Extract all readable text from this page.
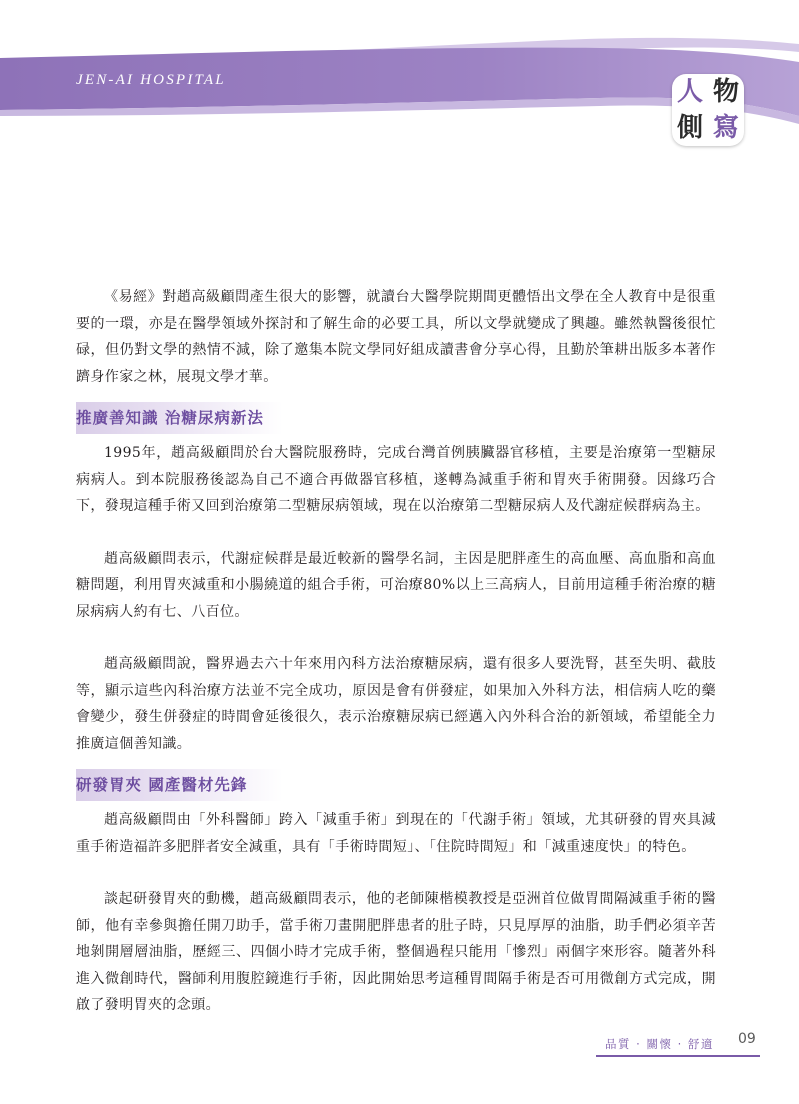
JEN-AI HOSPITAL	人 物
側 寫

《易經》對趙高級顧問產生很大的影響，就讀台大醫學院期間更體悟出文學在全人教育中是很重要的一環，亦是在醫學領域外探討和了解生命的必要工具，所以文學就變成了興趣。雖然執醫後很忙碌，但仍對文學的熱情不減，除了邀集本院文學同好組成讀書會分享心得，且勤於筆耕出版多本著作躋身作家之林，展現文學才華。

推廣善知識 治糖尿病新法

1995年，趙高級顧問於台大醫院服務時，完成台灣首例胰臟器官移植，主要是治療第一型糖尿病病人。到本院服務後認為自己不適合再做器官移植，遂轉為減重手術和胃夾手術開發。因緣巧合下，發現這種手術又回到治療第二型糖尿病領域，現在以治療第二型糖尿病人及代謝症候群病為主。

趙高級顧問表示，代謝症候群是最近較新的醫學名詞，主因是肥胖產生的高血壓、高血脂和高血糖問題，利用胃夾減重和小腸繞道的組合手術，可治療80%以上三高病人，目前用這種手術治療的糖尿病病人約有七、八百位。

趙高級顧問說，醫界過去六十年來用內科方法治療糖尿病，還有很多人要洗腎，甚至失明、截肢等，顯示這些內科治療方法並不完全成功，原因是會有併發症，如果加入外科方法，相信病人吃的藥會變少，發生併發症的時間會延後很久，表示治療糖尿病已經邁入內外科合治的新領域，希望能全力推廣這個善知識。

研發胃夾 國產醫材先鋒

趙高級顧問由「外科醫師」跨入「減重手術」到現在的「代謝手術」領域，尤其研發的胃夾具減重手術造福許多肥胖者安全減重，具有「手術時間短」、「住院時間短」和「減重速度快」的特色。

談起研發胃夾的動機，趙高級顧問表示，他的老師陳楷模教授是亞洲首位做胃間隔減重手術的醫師，他有幸參與擔任開刀助手，當手術刀畫開肥胖患者的肚子時，只見厚厚的油脂，助手們必須辛苦地剝開層層油脂，歷經三、四個小時才完成手術，整個過程只能用「慘烈」兩個字來形容。隨著外科進入微創時代，醫師利用腹腔鏡進行手術，因此開始思考這種胃間隔手術是否可用微創方式完成，開啟了發明胃夾的念頭。

品質 · 關懷 · 舒適 09
